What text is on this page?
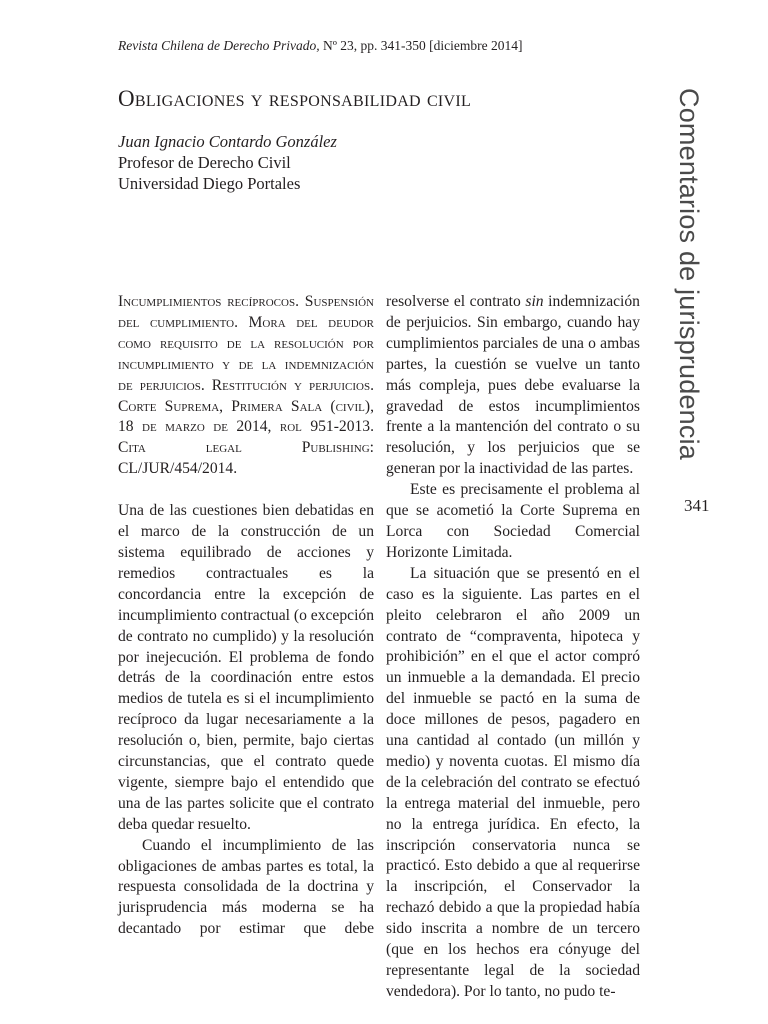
Revista Chilena de Derecho Privado, Nº 23, pp. 341-350 [diciembre 2014]
Obligaciones y responsabilidad civil
Juan Ignacio Contardo González
Profesor de Derecho Civil
Universidad Diego Portales	Comentarios de jurisprudencia
341

Incumplimientos recíprocos. Suspensión del cumplimiento. Mora del deudor como requisito de la resolución por incumplimiento y de la indemnización de perjuicios. Restitución y perjuicios. Corte Suprema, Primera Sala (civil), 18 de marzo de 2014, rol 951-2013. Cita legal Publishing: CL/JUR/454/2014.

Una de las cuestiones bien debatidas en el marco de la construcción de un sistema equilibrado de acciones y remedios contractuales es la concordancia entre la excepción de incumplimiento contractual (o excepción de contrato no cumplido) y la resolución por inejecución. El problema de fondo detrás de la coordinación entre estos medios de tutela es si el incumplimiento recíproco da lugar necesariamente a la resolución o, bien, permite, bajo ciertas circunstancias, que el contrato quede vigente, siempre bajo el entendido que una de las partes solicite que el contrato deba quedar resuelto.

Cuando el incumplimiento de las obligaciones de ambas partes es total, la respuesta consolidada de la doctrina y jurisprudencia más moderna se ha decantado por estimar que debe

resolverse el contrato sin indemnización de perjuicios. Sin embargo, cuando hay cumplimientos parciales de una o ambas partes, la cuestión se vuelve un tanto más compleja, pues debe evaluarse la gravedad de estos incumplimientos frente a la mantención del contrato o su resolución, y los perjuicios que se generan por la inactividad de las partes.

Este es precisamente el problema al que se acometió la Corte Suprema en Lorca con Sociedad Comercial Horizonte Limitada.

La situación que se presentó en el caso es la siguiente. Las partes en el pleito celebraron el año 2009 un contrato de “compraventa, hipoteca y prohibición” en el que el actor compró un inmueble a la demandada. El precio del inmueble se pactó en la suma de doce millones de pesos, pagadero en una cantidad al contado (un millón y medio) y noventa cuotas. El mismo día de la celebración del contrato se efectuó la entrega material del inmueble, pero no la entrega jurídica. En efecto, la inscripción conservatoria nunca se practicó. Esto debido a que al requerirse la inscripción, el Conservador la rechazó debido a que la propiedad había sido inscrita a nombre de un tercero (que en los hechos era cónyuge del representante legal de la sociedad vendedora). Por lo tanto, no pudo te-
